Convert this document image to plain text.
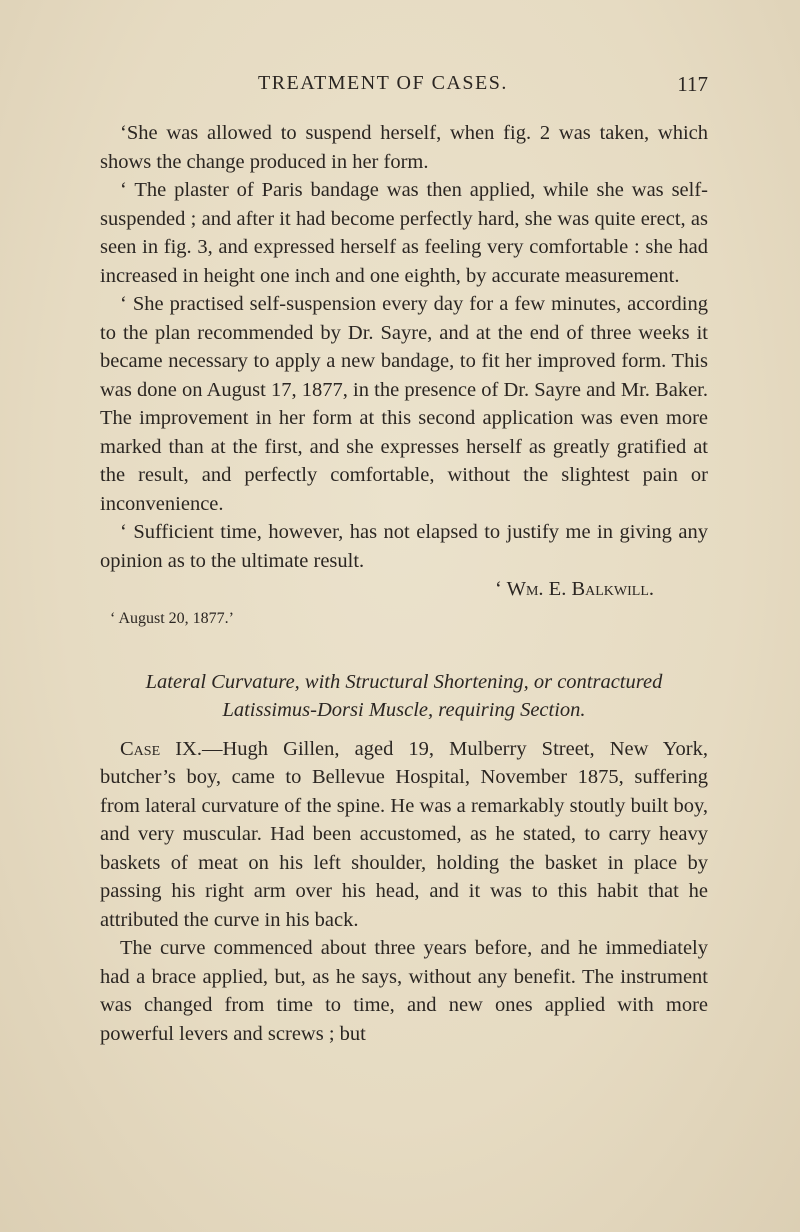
TREATMENT OF CASES.	117

‘She was allowed to suspend herself, when fig. 2 was taken, which shows the change produced in her form.

‘ The plaster of Paris bandage was then applied, while she was self-suspended ; and after it had become perfectly hard, she was quite erect, as seen in fig. 3, and expressed herself as feeling very comfortable : she had increased in height one inch and one eighth, by accurate measurement.

‘ She practised self-suspension every day for a few minutes, according to the plan recommended by Dr. Sayre, and at the end of three weeks it became necessary to apply a new bandage, to fit her improved form. This was done on August 17, 1877, in the presence of Dr. Sayre and Mr. Baker. The improvement in her form at this second application was even more marked than at the first, and she expresses herself as greatly gratified at the result, and perfectly comfortable, without the slightest pain or inconvenience.

‘ Sufficient time, however, has not elapsed to justify me in giving any opinion as to the ultimate result.

‘ Wm. E. Balkwill.
‘ August 20, 1877.’
Lateral Curvature, with Structural Shortening, or contractured
Latissimus-Dorsi Muscle, requiring Section.

Case IX.—Hugh Gillen, aged 19, Mulberry Street, New York, butcher’s boy, came to Bellevue Hospital, November 1875, suffering from lateral curvature of the spine. He was a remarkably stoutly built boy, and very muscular. Had been accustomed, as he stated, to carry heavy baskets of meat on his left shoulder, holding the basket in place by passing his right arm over his head, and it was to this habit that he attributed the curve in his back.

The curve commenced about three years before, and he immediately had a brace applied, but, as he says, without any benefit. The instrument was changed from time to time, and new ones applied with more powerful levers and screws ; but
